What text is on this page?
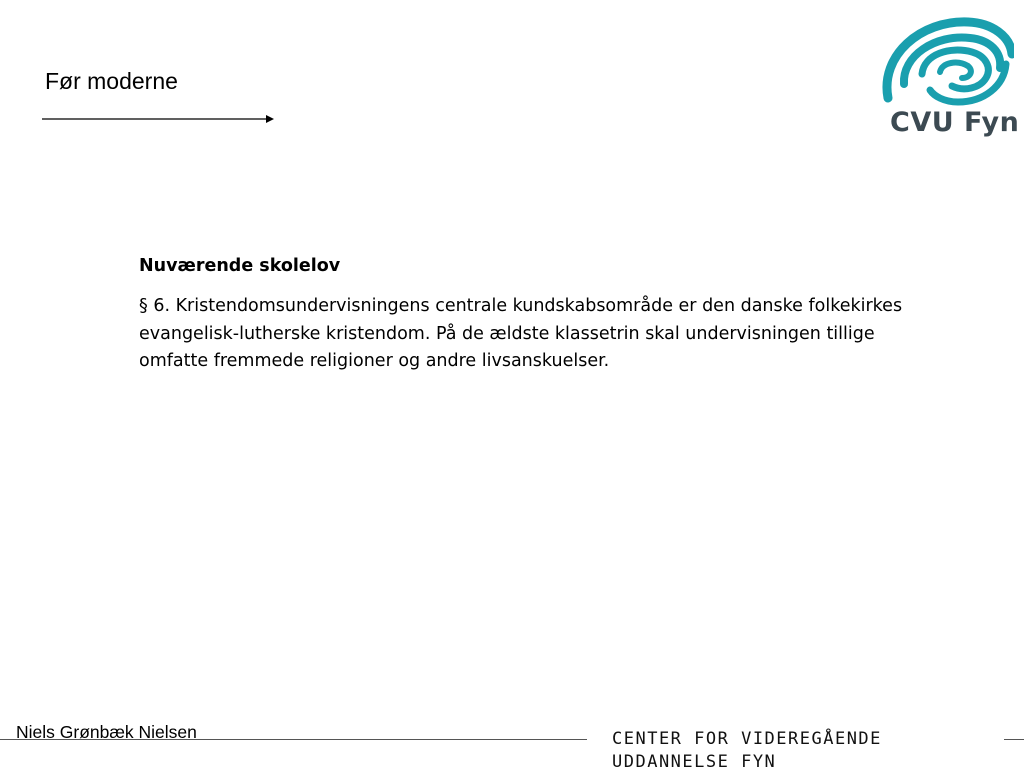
Før moderne
CVU Fyn

Nuværende skolelov

§ 6. Kristendomsundervisningens centrale kundskabsområde er den danske folkekirkes evangelisk-lutherske kristendom. På de ældste klassetrin skal undervisningen tillige omfatte fremmede religioner og andre livsanskuelser.

Niels Grønbæk Nielsen	CENTER FOR VIDEREGÅENDE
UDDANNELSE FYN
